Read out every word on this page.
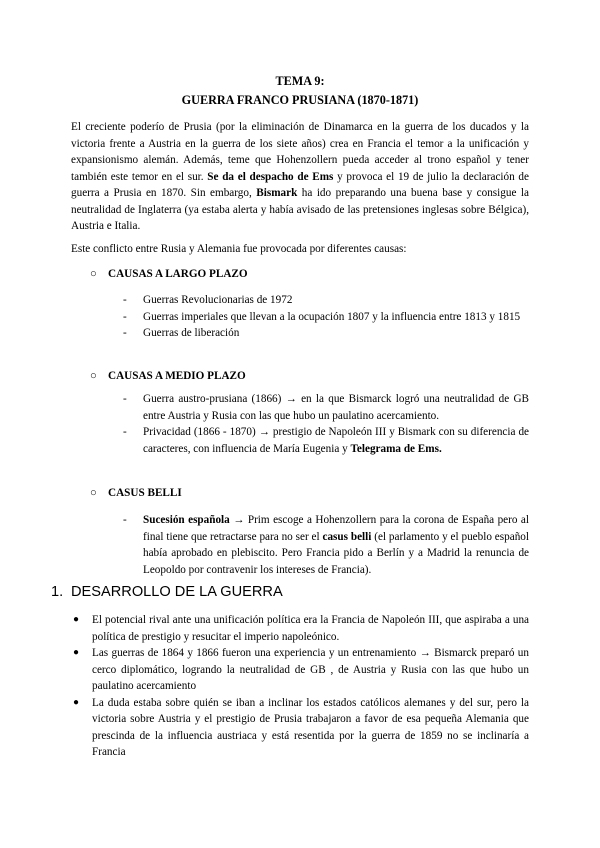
TEMA 9:
GUERRA FRANCO PRUSIANA (1870-1871)
El creciente poderío de Prusia (por la eliminación de Dinamarca en la guerra de los ducados y la victoria frente a Austria en la guerra de los siete años) crea en Francia el temor a la unificación y expansionismo alemán. Además, teme que Hohenzollern pueda acceder al trono español y tener también este temor en el sur. Se da el despacho de Ems y provoca el 19 de julio la declaración de guerra a Prusia en 1870. Sin embargo, Bismark ha ido preparando una buena base y consigue la neutralidad de Inglaterra (ya estaba alerta y había avisado de las pretensiones inglesas sobre Bélgica), Austria e Italia.
Este conflicto entre Rusia y Alemania fue provocada por diferentes causas:
○ CAUSAS A LARGO PLAZO
- Guerras Revolucionarias de 1972
- Guerras imperiales que llevan a la ocupación 1807 y la influencia entre 1813 y 1815
- Guerras de liberación
○ CAUSAS A MEDIO PLAZO
- Guerra austro-prusiana (1866) → en la que Bismarck logró una neutralidad de GB entre Austria y Rusia con las que hubo un paulatino acercamiento.
- Privacidad (1866 - 1870) → prestigio de Napoleón III y Bismark con su diferencia de caracteres, con influencia de María Eugenia y Telegrama de Ems.
○ CASUS BELLI
- Sucesión española → Prim escoge a Hohenzollern para la corona de España pero al final tiene que retractarse para no ser el casus belli (el parlamento y el pueblo español había aprobado en plebiscito. Pero Francia pido a Berlín y a Madrid la renuncia de Leopoldo por contravenir los intereses de Francia).
1. DESARROLLO DE LA GUERRA
● El potencial rival ante una unificación política era la Francia de Napoleón III, que aspiraba a una política de prestigio y resucitar el imperio napoleónico.
● Las guerras de 1864 y 1866 fueron una experiencia y un entrenamiento → Bismarck preparó un cerco diplomático, logrando la neutralidad de GB , de Austria y Rusia con las que hubo un paulatino acercamiento
● La duda estaba sobre quién se iban a inclinar los estados católicos alemanes y del sur, pero la victoria sobre Austria y el prestigio de Prusia trabajaron a favor de esa pequeña Alemania que prescinda de la influencia austriaca y está resentida por la guerra de 1859 no se inclinaría a Francia
